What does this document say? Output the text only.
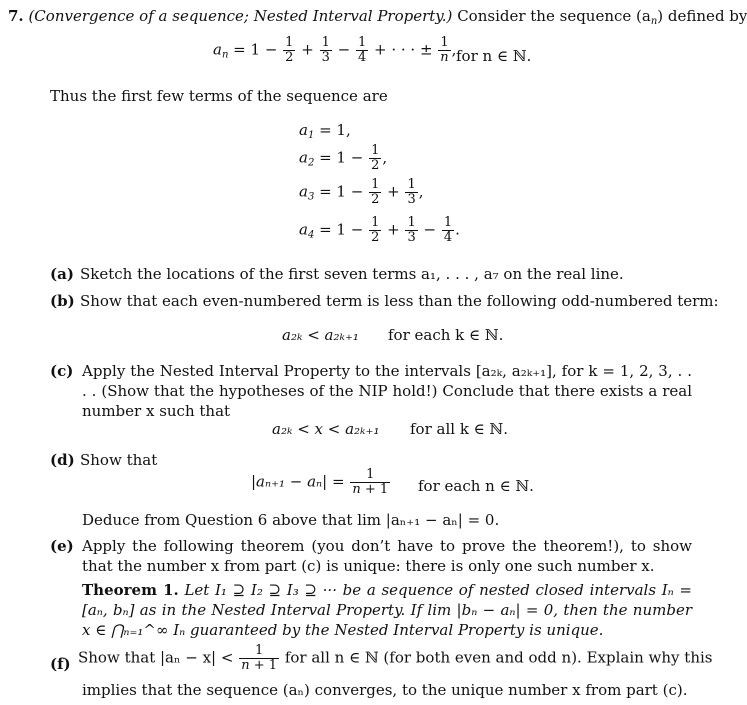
7. (Convergence of a sequence; Nested Interval Property.) Consider the sequence $(a_n)$ defined by
$a_n = 1 - \frac{1}{2} + \frac{1}{3} - \frac{1}{4}$ + · · · ± $\frac{1}{n}$ , for n ∈ ℕ.
Thus the first few terms of the sequence are
$a_1 = 1$,
$a_2 = 1 - \frac{1}{2}$ ,
$a_3 = 1 - \frac{1}{2} + \frac{1}{3}$ ,
$a_4 = 1 - \frac{1}{2} + \frac{1}{3} - \frac{1}{4}$ .
(a) Sketch the locations of the first seven terms a₁, . . . , a₇ on the real line.
(b) Show that each even-numbered term is less than the following odd-numbered term:
a₂ₖ < a₂ₖ₊₁ for each k ∈ ℕ.
(c) Apply the Nested Interval Property to the intervals [a₂ₖ, a₂ₖ₊₁], for k = 1, 2, 3, . . . . (Show that the hypotheses of the NIP hold!) Conclude that there exists a real number x such that
a₂ₖ < x < a₂ₖ₊₁ for all k ∈ ℕ.
(d) Show that
$|a_{n+1} - a_n| = \frac{1}{n + 1}$ for each n ∈ ℕ.
Deduce from Question 6 above that lim |aₙ₊₁ − aₙ| = 0.
(e) Apply the following theorem (you don’t have to prove the theorem!), to show that the number x from part (c) is unique: there is only one such number x.
Theorem 1. Let I₁ ⊇ I₂ ⊇ I₃ ⊇ ··· be a sequence of nested closed intervals Iₙ = [aₙ, bₙ] as in the Nested Interval Property. If lim |bₙ − aₙ| = 0, then the number x ∈ ⋂ₙ₌₁^∞ Iₙ guaranteed by the Nested Interval Property is unique.
(f) Show that $|a_n - x| < \frac{1}{n + 1}$ for all n ∈ ℕ (for both even and odd n). Explain why this
implies that the sequence (aₙ) converges, to the unique number x from part (c).
